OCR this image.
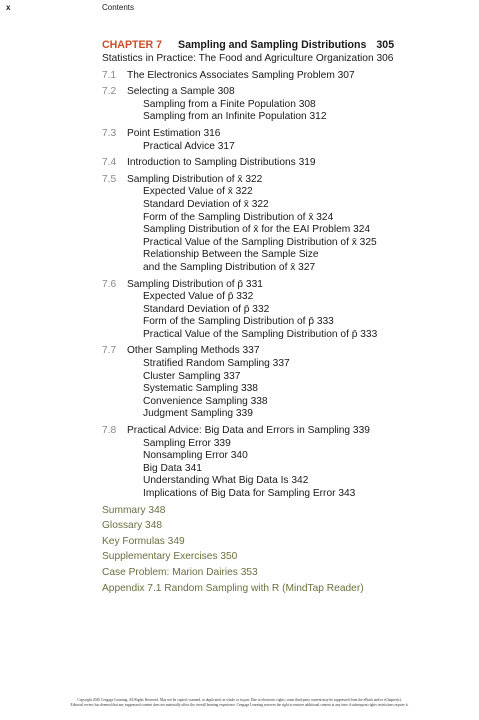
x	Contents
CHAPTER 7 Sampling and Sampling Distributions 305
Statistics in Practice: The Food and Agriculture Organization 306
7.1 The Electronics Associates Sampling Problem 307
7.2 Selecting a Sample 308
Sampling from a Finite Population 308
Sampling from an Infinite Population 312
7.3 Point Estimation 316
Practical Advice 317
7.4 Introduction to Sampling Distributions 319
7.5 Sampling Distribution of x̄ 322
Expected Value of x̄ 322
Standard Deviation of x̄ 322
Form of the Sampling Distribution of x̄ 324
Sampling Distribution of x̄ for the EAI Problem 324
Practical Value of the Sampling Distribution of x̄ 325
Relationship Between the Sample Size
and the Sampling Distribution of x̄ 327
7.6 Sampling Distribution of p̄ 331
Expected Value of p̄ 332
Standard Deviation of p̄ 332
Form of the Sampling Distribution of p̄ 333
Practical Value of the Sampling Distribution of p̄ 333
7.7 Other Sampling Methods 337
Stratified Random Sampling 337
Cluster Sampling 337
Systematic Sampling 338
Convenience Sampling 338
Judgment Sampling 339
7.8 Practical Advice: Big Data and Errors in Sampling 339
Sampling Error 339
Nonsampling Error 340
Big Data 341
Understanding What Big Data Is 342
Implications of Big Data for Sampling Error 343
Summary 348
Glossary 348
Key Formulas 349
Supplementary Exercises 350
Case Problem: Marion Dairies 353
Appendix 7.1 Random Sampling with R (MindTap Reader)
Copyright 2020 Cengage Learning. All Rights Reserved. May not be copied, scanned, or duplicated, in whole or in part. Due to electronic rights, some third party content may be suppressed from the eBook and/or eChapter(s).
Editorial review has deemed that any suppressed content does not materially affect the overall learning experience. Cengage Learning reserves the right to remove additional content at any time if subsequent rights restrictions require it.
